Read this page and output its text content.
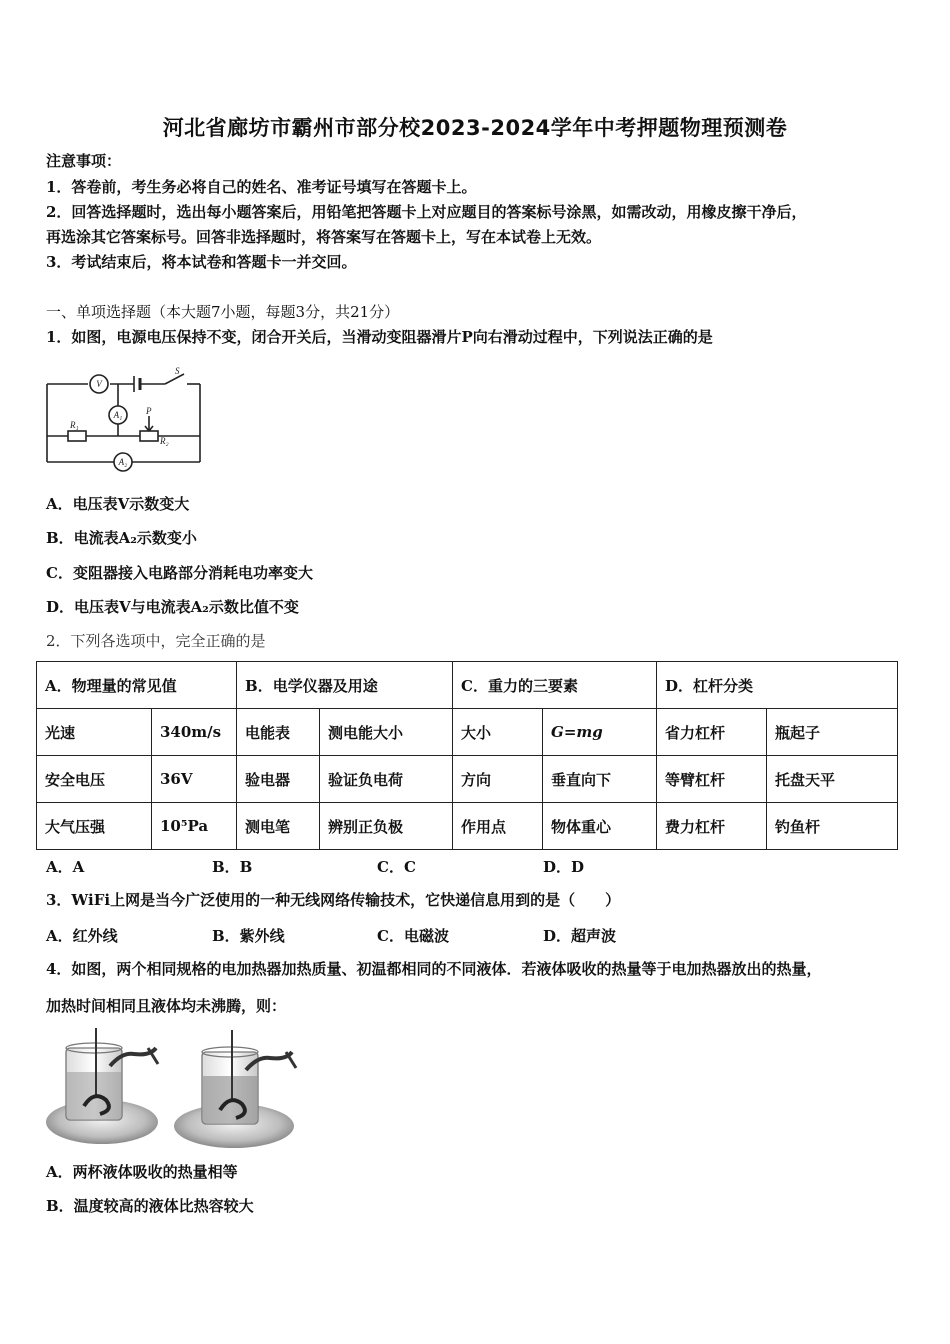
河北省廊坊市霸州市部分校2023-2024学年中考押题物理预测卷
注意事项：
1．答卷前，考生务必将自己的姓名、准考证号填写在答题卡上。
2．回答选择题时，选出每小题答案后，用铅笔把答题卡上对应题目的答案标号涂黑，如需改动，用橡皮擦干净后，
再选涂其它答案标号。回答非选择题时，将答案写在答题卡上，写在本试卷上无效。
3．考试结束后，将本试卷和答题卡一并交回。
一、单项选择题（本大题7小题，每题3分，共21分）
1．如图，电源电压保持不变，闭合开关后，当滑动变阻器滑片P向右滑动过程中，下列说法正确的是
V
A₁
A₂
S
P
R₁
R₂
A．电压表V示数变大
B．电流表A₂示数变小
C．变阻器接入电路部分消耗电功率变大
D．电压表V与电流表A₂示数比值不变
2．下列各选项中，完全正确的是
A．物理量的常见值		B．电学仪器及用途		C．重力的三要素		D．杠杆分类	
光速	340m/s	电能表	测电能大小	大小	G=mg	省力杠杆	瓶起子
安全电压	36V	验电器	验证负电荷	方向	垂直向下	等臂杠杆	托盘天平
大气压强	10⁵Pa	测电笔	辨别正负极	作用点	物体重心	费力杠杆	钓鱼杆
A．A	B．B	C．C	D．D
3．WiFi上网是当今广泛使用的一种无线网络传输技术，它快递信息用到的是（　　）
A．红外线	B．紫外线	C．电磁波	D．超声波
4．如图，两个相同规格的电加热器加热质量、初温都相同的不同液体．若液体吸收的热量等于电加热器放出的热量，
加热时间相同且液体均未沸腾，则：
A．两杯液体吸收的热量相等
B．温度较高的液体比热容较大
